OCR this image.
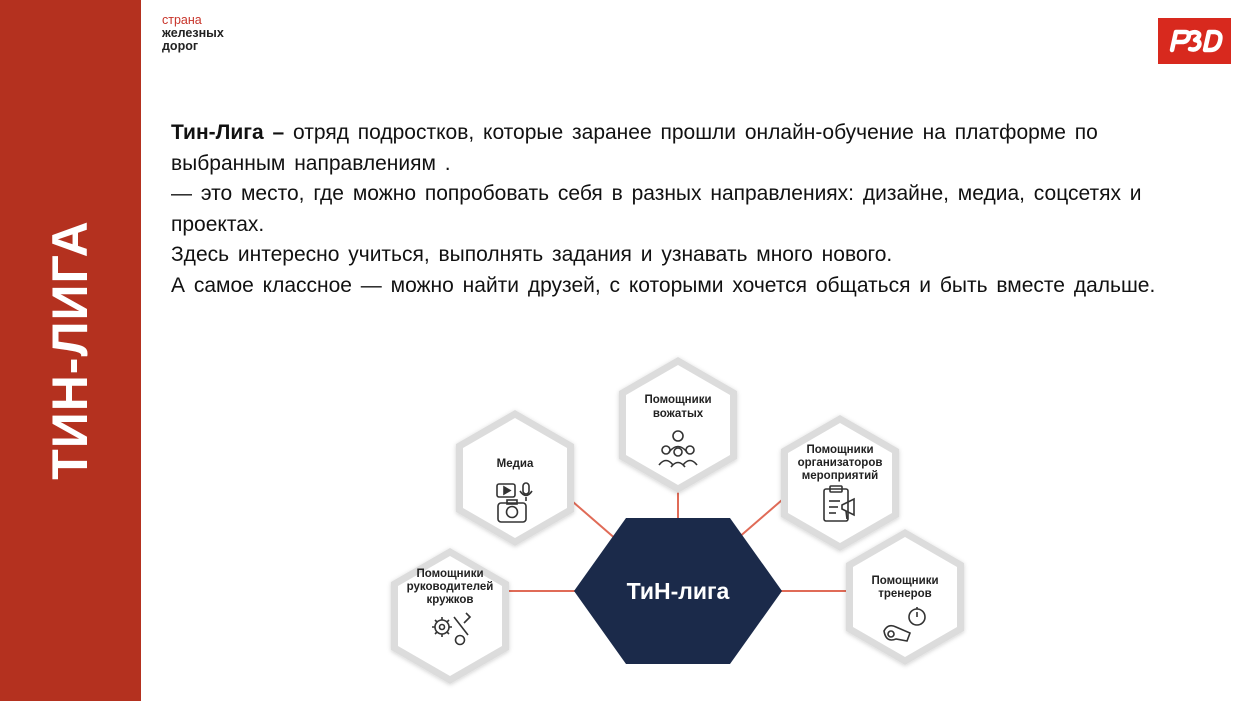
ТИН-ЛИГА
страна
железных
дорог

Тин-Лига – отряд подростков, которые заранее прошли онлайн-обучение на платформе по выбранным направлениям .

— это место, где можно попробовать себя в разных направлениях: дизайне, медиа, соцсетях и проектах.

Здесь интересно учиться, выполнять задания и узнавать много нового.

А самое классное — можно найти друзей, с которыми хочется общаться и быть вместе дальше.

Помощники
вожатых
Медиа
Помощники
организаторов
мероприятий
Помощники
руководителей
кружков
Помощники
тренеров
ТиН-лига
